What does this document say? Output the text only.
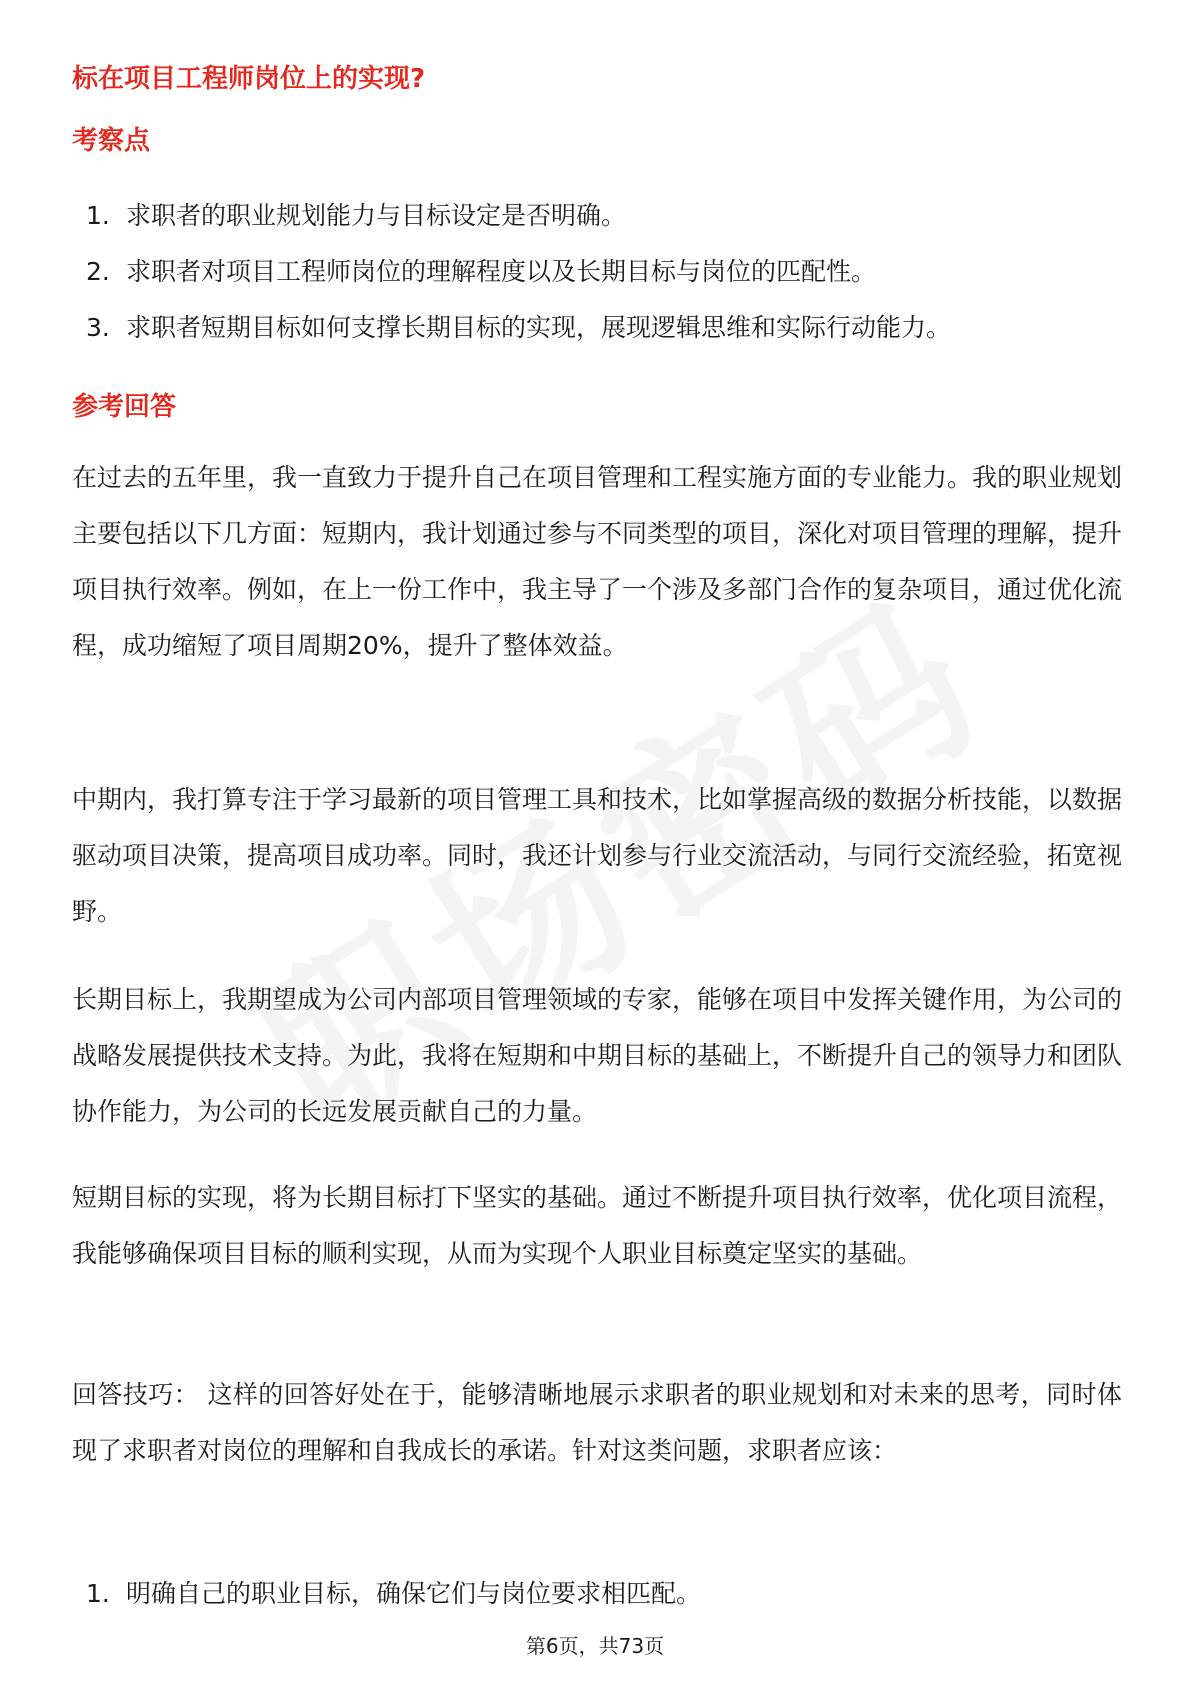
标在项目工程师岗位上的实现?
考察点
1. 求职者的职业规划能力与目标设定是否明确。
2. 求职者对项目工程师岗位的理解程度以及长期目标与岗位的匹配性。
3. 求职者短期目标如何支撑长期目标的实现，展现逻辑思维和实际行动能力。
参考回答

在过去的五年里，我一直致力于提升自己在项目管理和工程实施方面的专业能力。我的职业规划主要包括以下几方面：短期内，我计划通过参与不同类型的项目，深化对项目管理的理解，提升项目执行效率。例如，在上一份工作中，我主导了一个涉及多部门合作的复杂项目，通过优化流程，成功缩短了项目周期20%，提升了整体效益。

中期内，我打算专注于学习最新的项目管理工具和技术，比如掌握高级的数据分析技能，以数据驱动项目决策，提高项目成功率。同时，我还计划参与行业交流活动，与同行交流经验，拓宽视野。

长期目标上，我期望成为公司内部项目管理领域的专家，能够在项目中发挥关键作用，为公司的战略发展提供技术支持。为此，我将在短期和中期目标的基础上，不断提升自己的领导力和团队协作能力，为公司的长远发展贡献自己的力量。

短期目标的实现，将为长期目标打下坚实的基础。通过不断提升项目执行效率，优化项目流程，我能够确保项目目标的顺利实现，从而为实现个人职业目标奠定坚实的基础。

回答技巧： 这样的回答好处在于，能够清晰地展示求职者的职业规划和对未来的思考，同时体现了求职者对岗位的理解和自我成长的承诺。针对这类问题，求职者应该：

1. 明确自己的职业目标，确保它们与岗位要求相匹配。
第6页，共73页
